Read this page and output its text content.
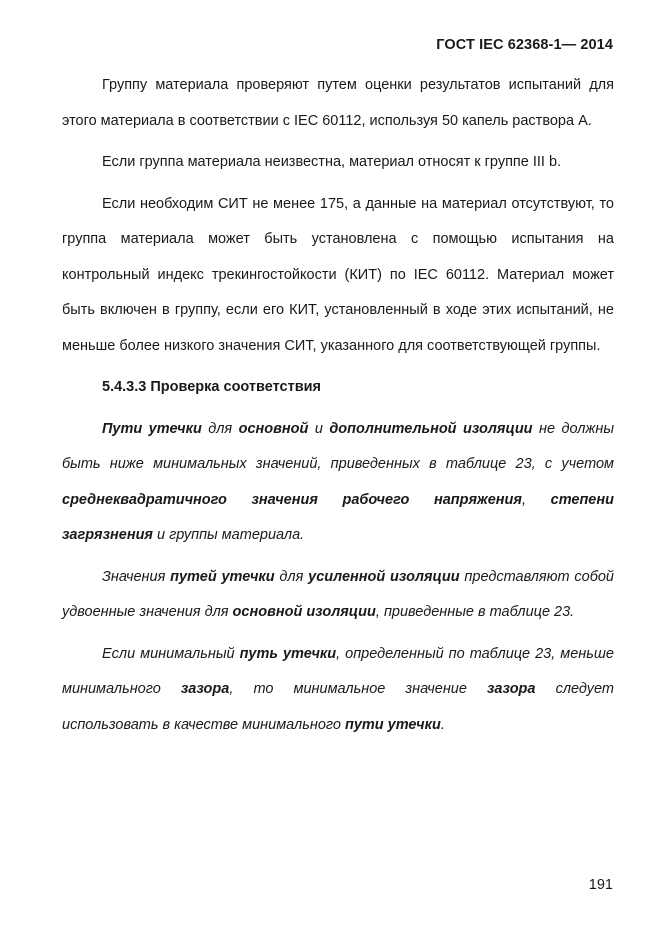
ГОСТ IEC 62368-1— 2014

Группу материала проверяют путем оценки результатов испытаний для этого материала в соответствии с IEC 60112, используя 50 капель раствора А.

Если группа материала неизвестна, материал относят к группе III b.

Если необходим СИТ не менее 175, а данные на материал отсутствуют, то группа материала может быть установлена с помощью испытания на контрольный индекс трекингостойкости (КИТ) по IEC 60112. Материал может быть включен в группу, если его КИТ, установленный в ходе этих испытаний, не меньше более низкого значения СИТ, указанного для соответствующей группы.

5.4.3.3 Проверка соответствия

Пути утечки для основной и дополнительной изоляции не должны быть ниже минимальных значений, приведенных в таблице 23, с учетом среднеквадратичного значения рабочего напряжения, степени загрязнения и группы материала.

Значения путей утечки для усиленной изоляции представляют собой удвоенные значения для основной изоляции, приведенные в таблице 23.

Если минимальный путь утечки, определенный по таблице 23, меньше минимального зазора, то минимальное значение зазора следует использовать в качестве минимального пути утечки.

191
